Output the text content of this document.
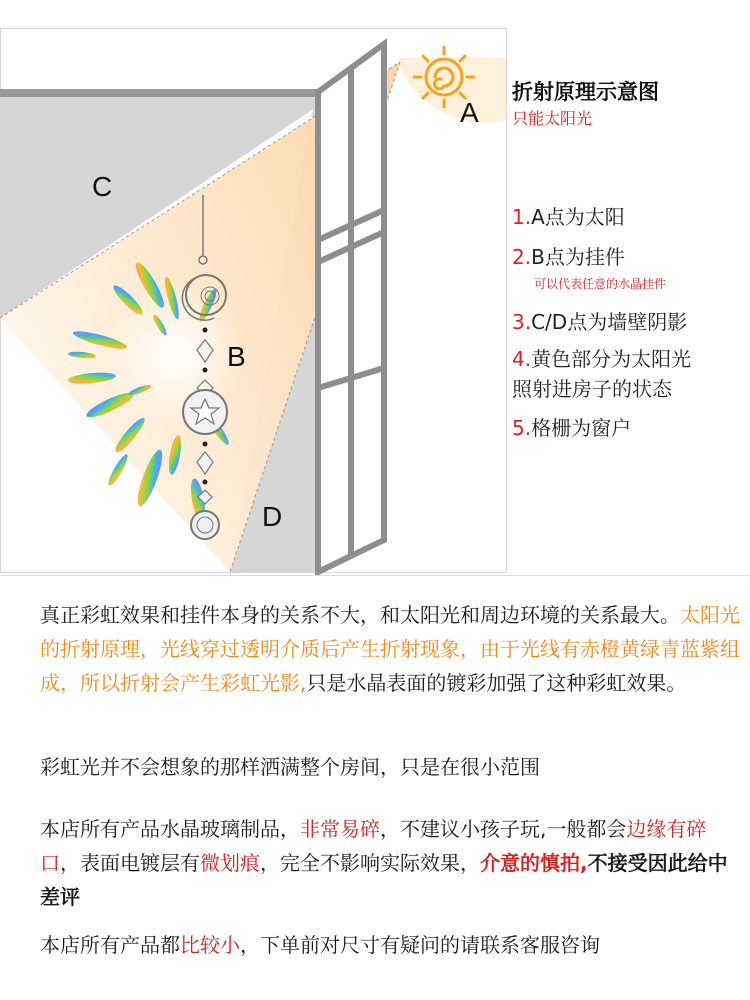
A
B
C
D
折射原理示意图
只能太阳光
1.A点为太阳
2.B点为挂件
可以代表任意的水晶挂件
3.C/D点为墙壁阴影
4.黄色部分为太阳光
照射进房子的状态
5.格栅为窗户
真正彩虹效果和挂件本身的关系不大，和太阳光和周边环境的关系最大。太阳光的折射原理，光线穿过透明介质后产生折射现象，由于光线有赤橙黄绿青蓝紫组成，所以折射会产生彩虹光影,只是水晶表面的镀彩加强了这种彩虹效果。
彩虹光并不会想象的那样洒满整个房间，只是在很小范围
本店所有产品水晶玻璃制品，非常易碎，不建议小孩子玩,一般都会边缘有碎口，表面电镀层有微划痕，完全不影响实际效果，介意的慎拍,不接受因此给中差评
本店所有产品都比较小，下单前对尺寸有疑问的请联系客服咨询
